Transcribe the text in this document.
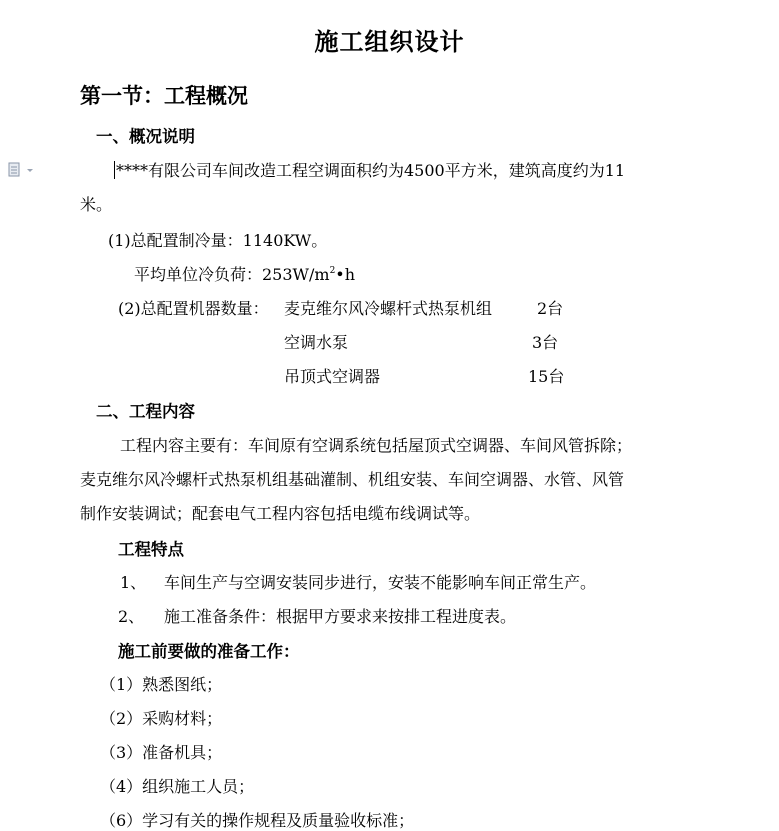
施工组织设计
第一节：工程概况
一、概况说明
****有限公司车间改造工程空调面积约为4500平方米，建筑高度约为11
米。
(1)总配置制冷量：1140KW。
平均单位冷负荷：$253W/m^2•h$
(2)总配置机器数量： 麦克维尔风冷螺杆式热泵机组	2台
空调水泵	3台
吊顶式空调器	15台
二、工程内容
工程内容主要有：车间原有空调系统包括屋顶式空调器、车间风管拆除；
麦克维尔风冷螺杆式热泵机组基础灌制、机组安装、车间空调器、水管、风管
制作安装调试；配套电气工程内容包括电缆布线调试等。
工程特点
1、 车间生产与空调安装同步进行，安装不能影响车间正常生产。
2、 施工准备条件：根据甲方要求来按排工程进度表。
施工前要做的准备工作：
（1）熟悉图纸；
（2）采购材料；
（3）准备机具；
（4）组织施工人员；
（6）学习有关的操作规程及质量验收标准；
